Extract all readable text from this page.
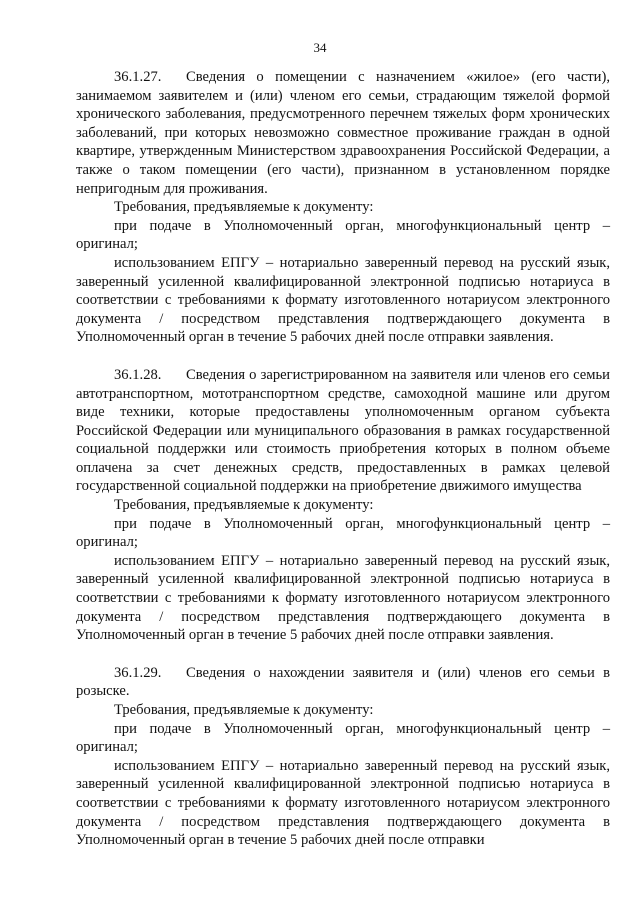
34

36.1.27. Сведения о помещении с назначением «жилое» (его части), занимаемом заявителем и (или) членом его семьи, страдающим тяжелой формой хронического заболевания, предусмотренного перечнем тяжелых форм хронических заболеваний, при которых невозможно совместное проживание граждан в одной квартире, утвержденным Министерством здравоохранения Российской Федерации, а также о таком помещении (его части), признанном в установленном порядке непригодным для проживания.

Требования, предъявляемые к документу:

при подаче в Уполномоченный орган, многофункциональный центр – оригинал;

использованием ЕПГУ – нотариально заверенный перевод на русский язык, заверенный усиленной квалифицированной электронной подписью нотариуса в соответствии с требованиями к формату изготовленного нотариусом электронного документа / посредством представления подтверждающего документа в Уполномоченный орган в течение 5 рабочих дней после отправки заявления.

36.1.28. Сведения о зарегистрированном на заявителя или членов его семьи автотранспортном, мототранспортном средстве, самоходной машине или другом виде техники, которые предоставлены уполномоченным органом субъекта Российской Федерации или муниципального образования в рамках государственной социальной поддержки или стоимость приобретения которых в полном объеме оплачена за счет денежных средств, предоставленных в рамках целевой государственной социальной поддержки на приобретение движимого имущества

Требования, предъявляемые к документу:

при подаче в Уполномоченный орган, многофункциональный центр – оригинал;

использованием ЕПГУ – нотариально заверенный перевод на русский язык, заверенный усиленной квалифицированной электронной подписью нотариуса в соответствии с требованиями к формату изготовленного нотариусом электронного документа / посредством представления подтверждающего документа в Уполномоченный орган в течение 5 рабочих дней после отправки заявления.

36.1.29. Сведения о нахождении заявителя и (или) членов его семьи в розыске.

Требования, предъявляемые к документу:

при подаче в Уполномоченный орган, многофункциональный центр – оригинал;

использованием ЕПГУ – нотариально заверенный перевод на русский язык, заверенный усиленной квалифицированной электронной подписью нотариуса в соответствии с требованиями к формату изготовленного нотариусом электронного документа / посредством представления подтверждающего документа в Уполномоченный орган в течение 5 рабочих дней после отправки
